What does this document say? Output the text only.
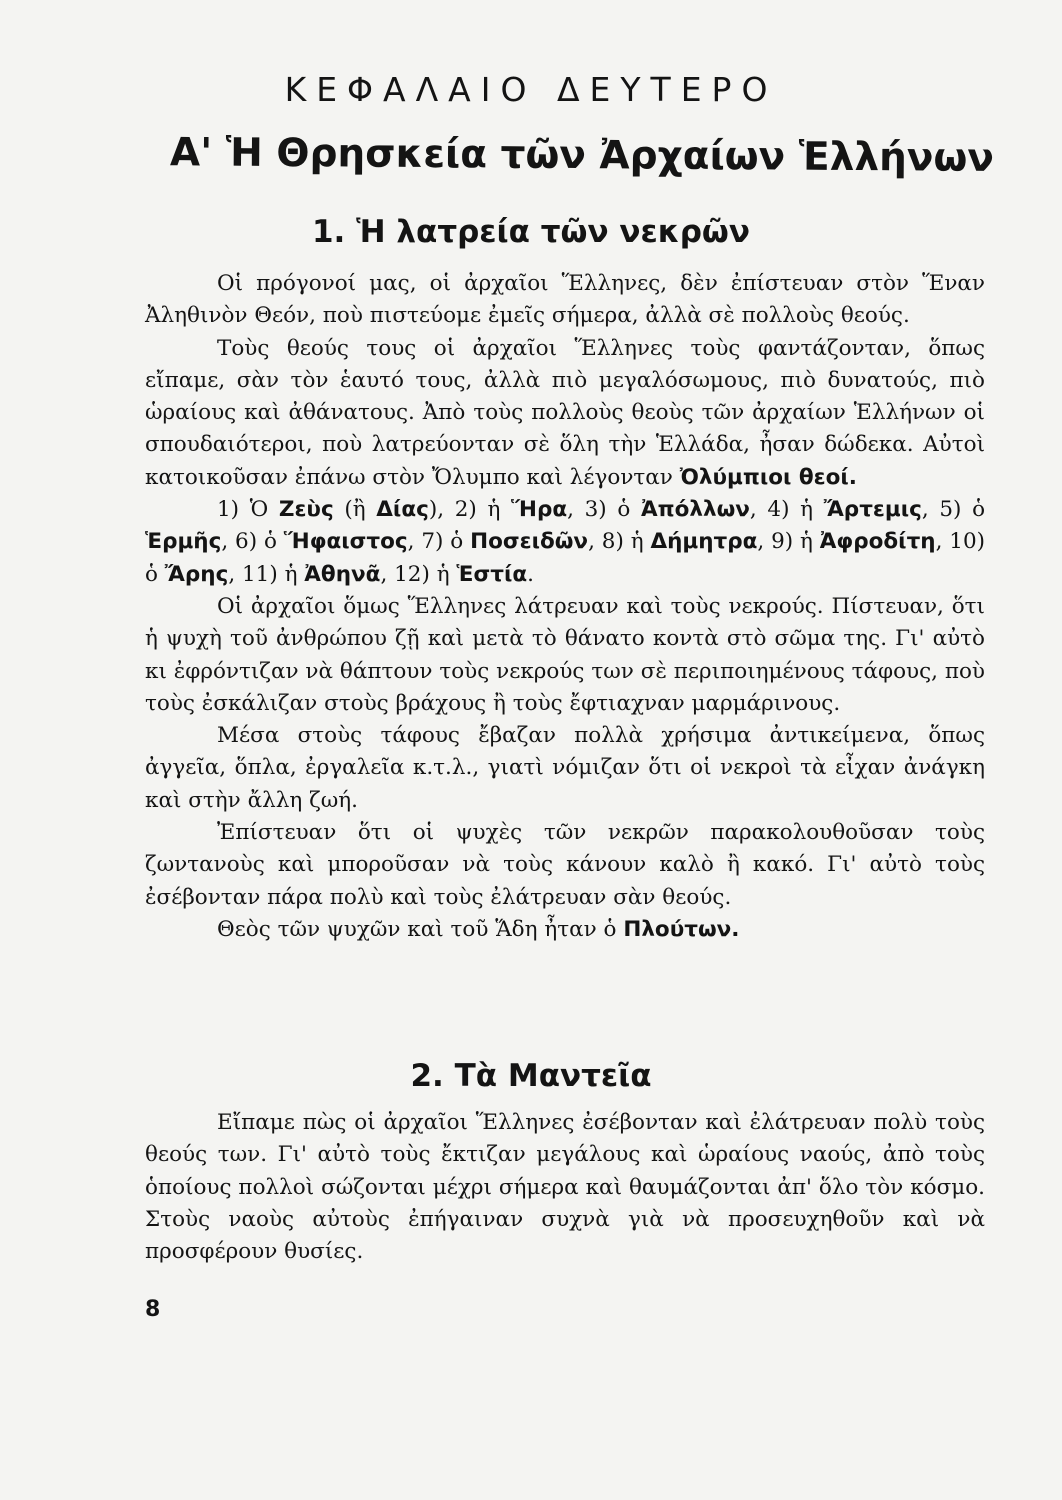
ΚΕΦΑΛΑΙΟ ΔΕΥΤΕΡΟ
Α' Ἡ Θρησκεία τῶν Ἀρχαίων Ἑλλήνων
1. Ἡ λατρεία τῶν νεκρῶν

Οἱ πρόγονοί μας, οἱ ἀρχαῖοι Ἕλληνες, δὲν ἐπίστευαν στὸν Ἕναν Ἀληθινὸν Θεόν, ποὺ πιστεύομε ἐμεῖς σήμερα, ἀλλὰ σὲ πολλοὺς θεούς.

Τοὺς θεούς τους οἱ ἀρχαῖοι Ἕλληνες τοὺς φαντάζονταν, ὅπως εἴπαμε, σὰν τὸν ἑαυτό τους, ἀλλὰ πιὸ μεγαλόσωμους, πιὸ δυνατούς, πιὸ ὡραίους καὶ ἀθάνατους. Ἀπὸ τοὺς πολλοὺς θεοὺς τῶν ἀρχαίων Ἑλλήνων οἱ σπουδαιότεροι, ποὺ λατρεύονταν σὲ ὅλη τὴν Ἑλλάδα, ἦσαν δώδεκα. Αὐτοὶ κατοικοῦσαν ἐπάνω στὸν Ὄλυμπο καὶ λέγονταν Ὀλύμπιοι θεοί.

1) Ὁ Ζεὺς (ἢ Δίας), 2) ἡ Ἥρα, 3) ὁ Ἀπόλλων, 4) ἡ Ἄρτεμις, 5) ὁ Ἑρμῆς, 6) ὁ Ἥφαιστος, 7) ὁ Ποσειδῶν, 8) ἡ Δήμητρα, 9) ἡ Ἀφροδίτη, 10) ὁ Ἄρης, 11) ἡ Ἀθηνᾶ, 12) ἡ Ἑστία.

Οἱ ἀρχαῖοι ὅμως Ἕλληνες λάτρευαν καὶ τοὺς νεκρούς. Πίστευαν, ὅτι ἡ ψυχὴ τοῦ ἀνθρώπου ζῇ καὶ μετὰ τὸ θάνατο κοντὰ στὸ σῶμα της. Γι' αὐτὸ κι ἐφρόντιζαν νὰ θάπτουν τοὺς νεκρούς των σὲ περιποιημένους τάφους, ποὺ τοὺς ἐσκάλιζαν στοὺς βράχους ἢ τοὺς ἔφτιαχναν μαρμάρινους.

Μέσα στοὺς τάφους ἔβαζαν πολλὰ χρήσιμα ἀντικείμενα, ὅπως ἀγγεῖα, ὅπλα, ἐργαλεῖα κ.τ.λ., γιατὶ νόμιζαν ὅτι οἱ νεκροὶ τὰ εἶχαν ἀνάγκη καὶ στὴν ἄλλη ζωή.

Ἐπίστευαν ὅτι οἱ ψυχὲς τῶν νεκρῶν παρακολουθοῦσαν τοὺς ζωντανοὺς καὶ μποροῦσαν νὰ τοὺς κάνουν καλὸ ἢ κακό. Γι' αὐτὸ τοὺς ἐσέβονταν πάρα πολὺ καὶ τοὺς ἐλάτρευαν σὰν θεούς.

Θεὸς τῶν ψυχῶν καὶ τοῦ Ἅδη ἦταν ὁ Πλούτων.

2. Τὰ Μαντεῖα

Εἴπαμε πὼς οἱ ἀρχαῖοι Ἕλληνες ἐσέβονταν καὶ ἐλάτρευαν πολὺ τοὺς θεούς των. Γι' αὐτὸ τοὺς ἔκτιζαν μεγάλους καὶ ὡραίους ναούς, ἀπὸ τοὺς ὁποίους πολλοὶ σώζονται μέχρι σήμερα καὶ θαυμάζονται ἀπ' ὅλο τὸν κόσμο. Στοὺς ναοὺς αὐτοὺς ἐπήγαιναν συχνὰ γιὰ νὰ προσευχηθοῦν καὶ νὰ προσφέρουν θυσίες.

8
